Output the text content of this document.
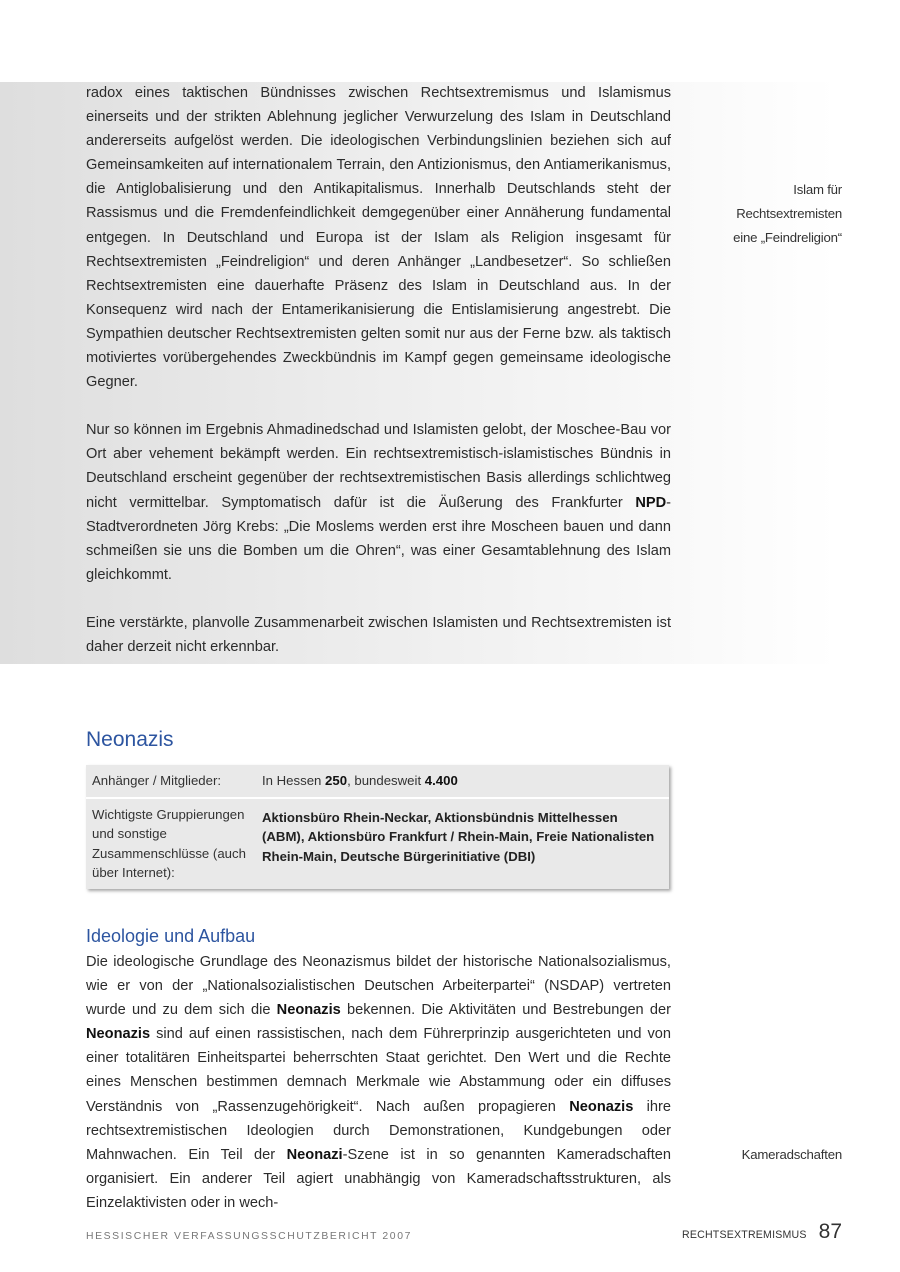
radox eines taktischen Bündnisses zwischen Rechtsextremismus und Islamismus einerseits und der strikten Ablehnung jeglicher Verwurzelung des Islam in Deutschland andererseits aufgelöst werden. Die ideologischen Verbindungslinien beziehen sich auf Gemeinsamkeiten auf internationalem Terrain, den Antizionismus, den Antiamerikanismus, die Antiglobalisierung und den Antikapitalismus. Innerhalb Deutschlands steht der Rassismus und die Fremdenfeindlichkeit demgegenüber einer Annäherung fundamental entgegen. In Deutschland und Europa ist der Islam als Religion insgesamt für Rechtsextremisten „Feindreligion“ und deren Anhänger „Landbesetzer“. So schließen Rechtsextremisten eine dauerhafte Präsenz des Islam in Deutschland aus. In der Konsequenz wird nach der Entamerikanisierung die Entislamisierung angestrebt. Die Sympathien deutscher Rechtsextremisten gelten somit nur aus der Ferne bzw. als taktisch motiviertes vorübergehendes Zweckbündnis im Kampf gegen gemeinsame ideologische Gegner.

Nur so können im Ergebnis Ahmadinedschad und Islamisten gelobt, der Moschee-Bau vor Ort aber vehement bekämpft werden. Ein rechtsextremistisch-islamistisches Bündnis in Deutschland erscheint gegenüber der rechtsextremistischen Basis allerdings schlichtweg nicht vermittelbar. Symptomatisch dafür ist die Äußerung des Frankfurter NPD-Stadtverordneten Jörg Krebs: „Die Moslems werden erst ihre Moscheen bauen und dann schmeißen sie uns die Bomben um die Ohren“, was einer Gesamtablehnung des Islam gleichkommt.

Eine verstärkte, planvolle Zusammenarbeit zwischen Islamisten und Rechtsextremisten ist daher derzeit nicht erkennbar.

Islam für
Rechtsextremisten
eine „Feindreligion“
Neonazis
Anhänger / Mitglieder:	In Hessen 250, bundesweit 4.400
Wichtigste Gruppierungen und sonstige Zusammenschlüsse (auch über Internet):
Aktionsbüro Rhein-Neckar, Aktionsbündnis Mittelhessen (ABM), Aktionsbüro Frankfurt / Rhein-Main, Freie Nationalisten Rhein-Main, Deutsche Bürgerinitiative (DBI)
Ideologie und Aufbau

Die ideologische Grundlage des Neonazismus bildet der historische Nationalsozialismus, wie er von der „Nationalsozialistischen Deutschen Arbeiterpartei“ (NSDAP) vertreten wurde und zu dem sich die Neonazis bekennen. Die Aktivitäten und Bestrebungen der Neonazis sind auf einen rassistischen, nach dem Führerprinzip ausgerichteten und von einer totalitären Einheitspartei beherrschten Staat gerichtet. Den Wert und die Rechte eines Menschen bestimmen demnach Merkmale wie Abstammung oder ein diffuses Verständnis von „Rassenzugehörigkeit“. Nach außen propagieren Neonazis ihre rechtsextremistischen Ideologien durch Demonstrationen, Kundgebungen oder Mahnwachen. Ein Teil der Neonazi-Szene ist in so genannten Kameradschaften organisiert. Ein anderer Teil agiert unabhängig von Kameradschaftsstrukturen, als Einzelaktivisten oder in wech-

Kameradschaften
HESSISCHER VERFASSUNGSSCHUTZBERICHT 2007	RECHTSEXTREMISMUS 87
